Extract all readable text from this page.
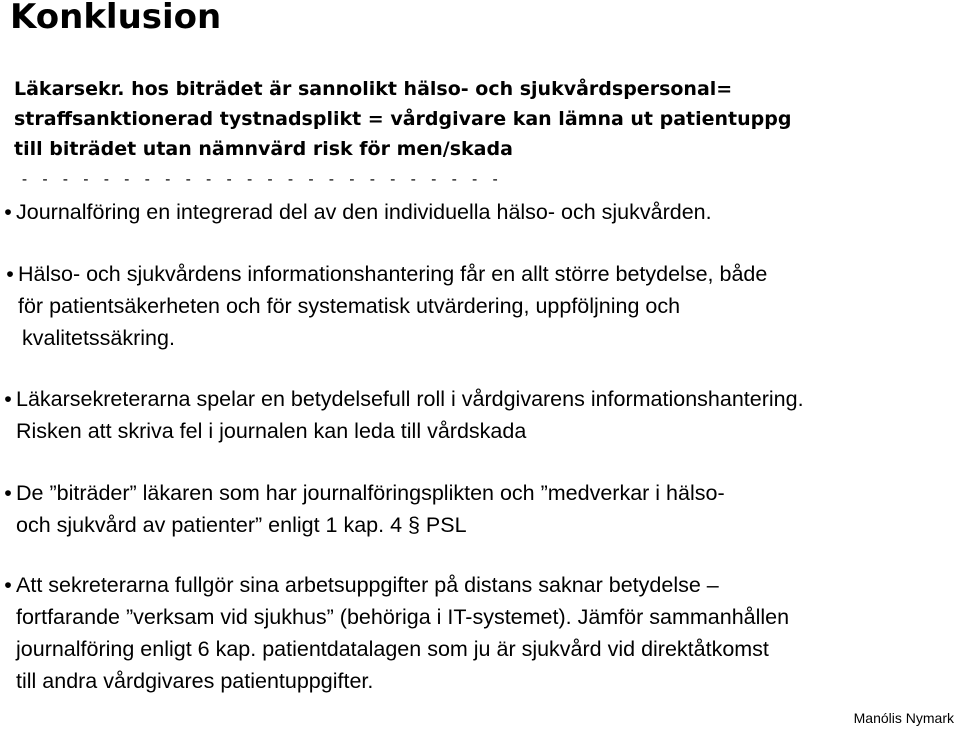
Konklusion
Läkarsekr. hos biträdet är sannolikt hälso- och sjukvårdspersonal=
straffsanktionerad tystnadsplikt = vårdgivare kan lämna ut patientuppg
till biträdet utan nämnvärd risk för men/skada
- - - - - - - - - - - - - - - - - - - - - - - -
• Journalföring en integrerad del av den individuella hälso- och sjukvården.
• Hälso- och sjukvårdens informationshantering får en allt större betydelse, både
för patientsäkerheten och för systematisk utvärdering, uppföljning och
kvalitetssäkring.
• Läkarsekreterarna spelar en betydelsefull roll i vårdgivarens informationshantering.
Risken att skriva fel i journalen kan leda till vårdskada
• De ”biträder” läkaren som har journalföringsplikten och ”medverkar i hälso-
och sjukvård av patienter” enligt 1 kap. 4 § PSL
• Att sekreterarna fullgör sina arbetsuppgifter på distans saknar betydelse –
fortfarande ”verksam vid sjukhus” (behöriga i IT-systemet). Jämför sammanhållen
journalföring enligt 6 kap. patientdatalagen som ju är sjukvård vid direktåtkomst
till andra vårdgivares patientuppgifter.
Manólis Nymark
